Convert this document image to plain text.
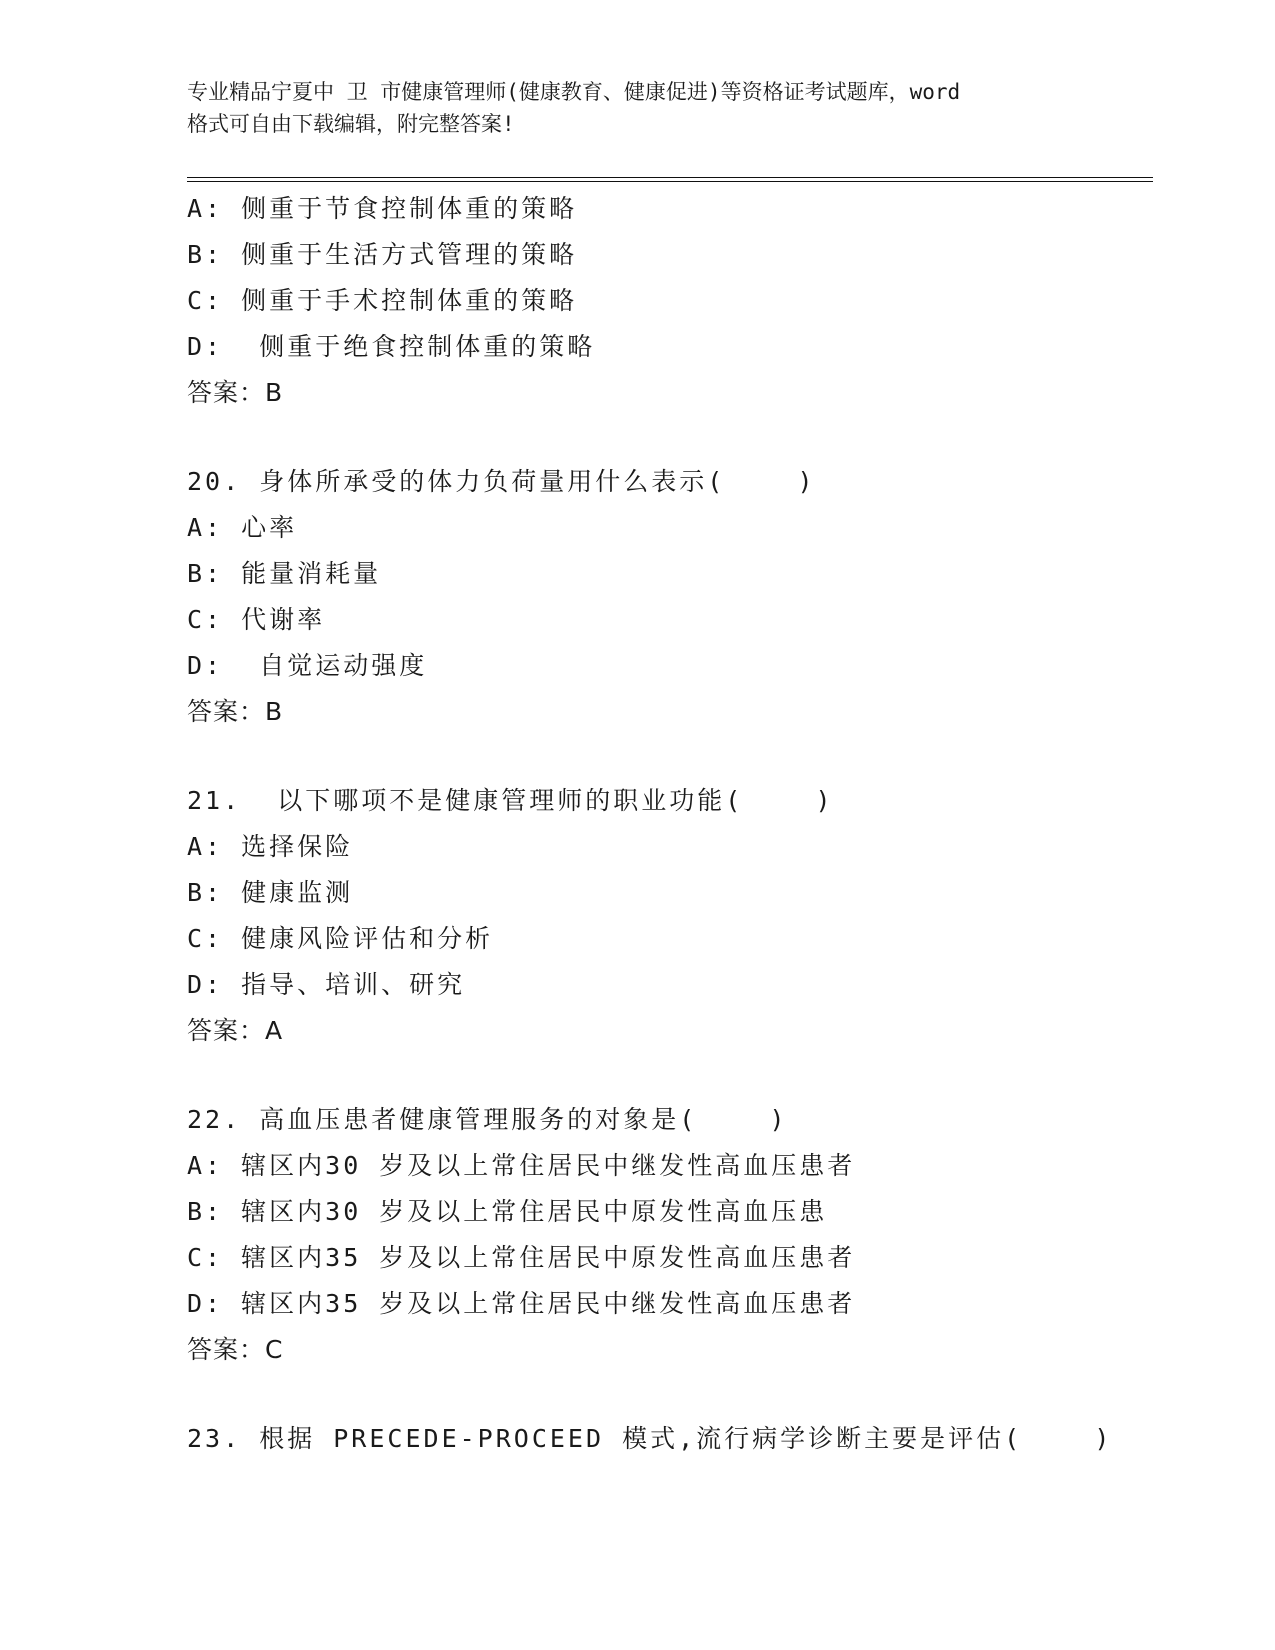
专业精品宁夏中 卫 市健康管理师(健康教育、健康促进)等资格证考试题库，word
格式可自由下载编辑，附完整答案!
A: 侧重于节食控制体重的策略
B: 侧重于生活方式管理的策略
C: 侧重于手术控制体重的策略
D:  侧重于绝食控制体重的策略
答案：B
20. 身体所承受的体力负荷量用什么表示(    )
A: 心率
B: 能量消耗量
C: 代谢率
D:  自觉运动强度
答案：B
21.  以下哪项不是健康管理师的职业功能(    )
A: 选择保险
B: 健康监测
C: 健康风险评估和分析
D: 指导、培训、研究
答案：A
22. 高血压患者健康管理服务的对象是(    )
A: 辖区内30 岁及以上常住居民中继发性高血压患者
B: 辖区内30 岁及以上常住居民中原发性高血压患
C: 辖区内35 岁及以上常住居民中原发性高血压患者
D: 辖区内35 岁及以上常住居民中继发性高血压患者
答案：C
23. 根据 PRECEDE-PROCEED 模式,流行病学诊断主要是评估(    )
